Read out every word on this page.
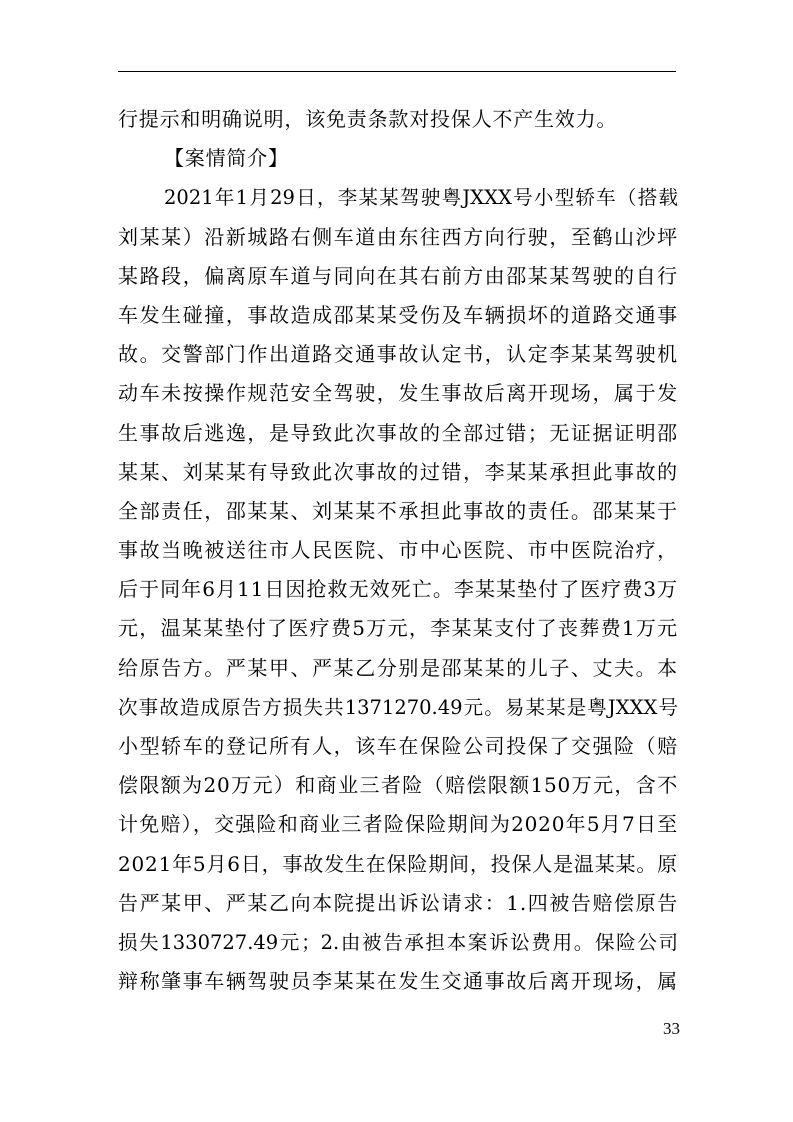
行提示和明确说明，该免责条款对投保人不产生效力。
【案情简介】
2021年1月29日，李某某驾驶粤JXXX号小型轿车（搭载
刘某某）沿新城路右侧车道由东往西方向行驶，至鹤山沙坪
某路段，偏离原车道与同向在其右前方由邵某某驾驶的自行
车发生碰撞，事故造成邵某某受伤及车辆损坏的道路交通事
故。交警部门作出道路交通事故认定书，认定李某某驾驶机
动车未按操作规范安全驾驶，发生事故后离开现场，属于发
生事故后逃逸，是导致此次事故的全部过错；无证据证明邵
某某、刘某某有导致此次事故的过错，李某某承担此事故的
全部责任，邵某某、刘某某不承担此事故的责任。邵某某于
事故当晚被送往市人民医院、市中心医院、市中医院治疗，
后于同年6月11日因抢救无效死亡。李某某垫付了医疗费3万
元，温某某垫付了医疗费5万元，李某某支付了丧葬费1万元
给原告方。严某甲、严某乙分别是邵某某的儿子、丈夫。本
次事故造成原告方损失共1371270.49元。易某某是粤JXXX号
小型轿车的登记所有人，该车在保险公司投保了交强险（赔
偿限额为20万元）和商业三者险（赔偿限额150万元，含不
计免赔），交强险和商业三者险保险期间为2020年5月7日至
2021年5月6日，事故发生在保险期间，投保人是温某某。原
告严某甲、严某乙向本院提出诉讼请求：1.四被告赔偿原告
损失1330727.49元；2.由被告承担本案诉讼费用。保险公司
辩称肇事车辆驾驶员李某某在发生交通事故后离开现场，属
33
